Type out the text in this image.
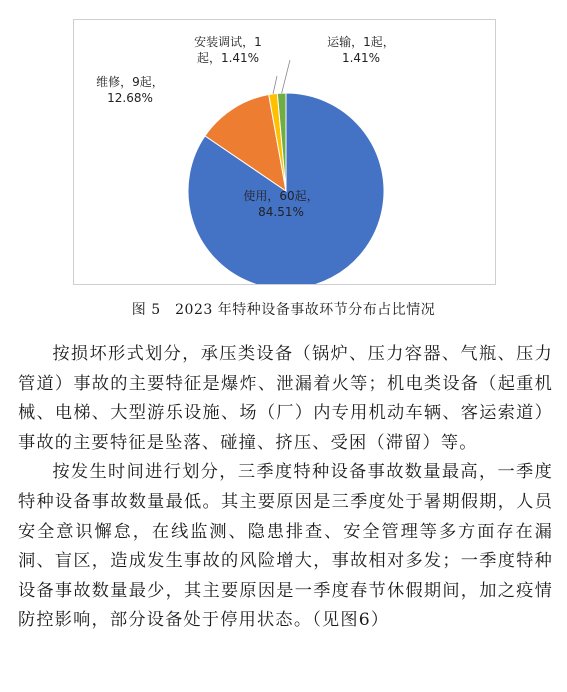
使用，60起， 84.51%
维修，9起， 12.68%
安装调试，1 起，1.41%
运输，1起， 1.41%
图 5　2023 年特种设备事故环节分布占比情况

按损坏形式划分，承压类设备（锅炉、压力容器、气瓶、压力管道）事故的主要特征是爆炸、泄漏着火等；机电类设备（起重机械、电梯、大型游乐设施、场（厂）内专用机动车辆、客运索道）事故的主要特征是坠落、碰撞、挤压、受困（滞留）等。

按发生时间进行划分，三季度特种设备事故数量最高，一季度特种设备事故数量最低。其主要原因是三季度处于暑期假期，人员安全意识懈怠，在线监测、隐患排查、安全管理等多方面存在漏洞、盲区，造成发生事故的风险增大，事故相对多发；一季度特种设备事故数量最少，其主要原因是一季度春节休假期间，加之疫情防控影响，部分设备处于停用状态。（见图6）
